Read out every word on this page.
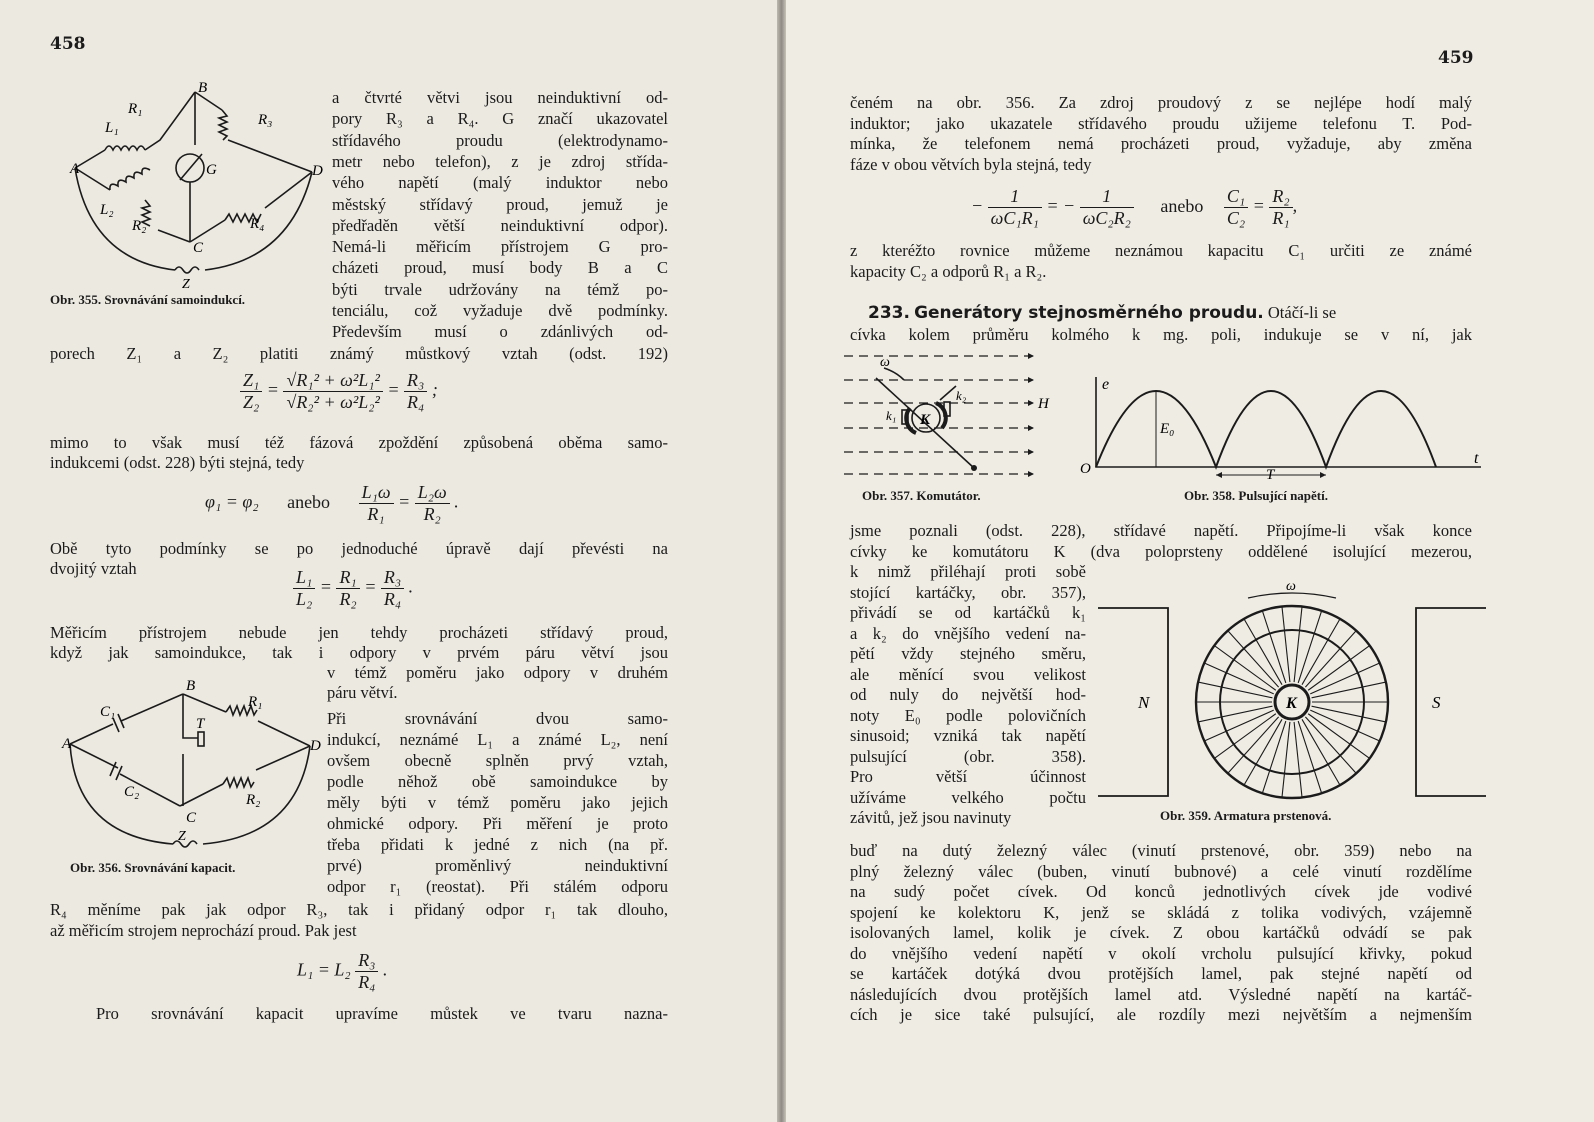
458
A
B
C
D
Z
G
R₁
R₂
R₃
R₄
L₁
L₂
Obr. 355. Srovnávání samoindukcí.
a čtvrté větvi jsou neinduktivní od-
pory R₃ a R₄. G značí ukazovatel
střídavého proudu (elektrodynamo-
metr nebo telefon), z je zdroj střída-
vého napětí (malý induktor nebo
městský střídavý proud, jemuž je
předřaděn větší neinduktivní odpor).
Nemá-li měřicím přístrojem G pro-
cházeti proud, musí body B a C
býti trvale udržovány na témž po-
tenciálu, což vyžaduje dvě podmínky.
Především musí o zdánlivých od-
porech Z₁ a Z₂ platiti známý můstkový vztah (odst. 192)
$\frac{\text{Z₁}}{\text{Z₂}} = \frac{\text{√R₁² + ω²L₁²}}{\text{√R₂² + ω²L₂²}} = \frac{\text{R₃}}{\text{R₄}}$ ;
mimo to však musí též fázová zpoždění způsobená oběma samo-
indukcemi (odst. 228) býti stejná, tedy
φ₁ = φ₂ anebo $\frac{\text{L₁ω}}{\text{R₁}} = \frac{\text{L₂ω}}{\text{R₂}}$ .
Obě tyto podmínky se po jednoduché úpravě dají převésti na
dvojitý vztah	$\frac{\text{L₁}}{\text{L₂}} = \frac{\text{R₁}}{\text{R₂}} = \frac{\text{R₃}}{\text{R₄}}$ .
Měřicím přístrojem nebude jen tehdy procházeti střídavý proud,
když jak samoindukce, tak i odpory v prvém páru větví jsou
v témž poměru jako odpory v druhém
páru větví.
A
B
C
D
Z
T
R₁
R₂
C₁
C₂
Obr. 356. Srovnávání kapacit.
Při srovnávání dvou samo-
indukcí, neznámé L₁ a známé L₂, není
ovšem obecně splněn prvý vztah,
podle něhož obě samoindukce by
měly býti v témž poměru jako jejich
ohmické odpory. Při měření je proto
třeba přidati k jedné z nich (na př.
prvé) proměnlivý neinduktivní
odpor r₁ (reostat). Při stálém odporu
R₄ měníme pak jak odpor R₃, tak i přidaný odpor r₁ tak dlouho,
až měřicím strojem neprochází proud. Pak jest
$L_1 = L_2 \frac{\text{R₃}}{\text{R₄}}$ .
Pro srovnávání kapacit upravíme můstek ve tvaru nazna-
459
čeném na obr. 356. Za zdroj proudový z se nejlépe hodí malý
induktor; jako ukazatele střídavého proudu užijeme telefonu T. Pod-
mínka, že telefonem nemá procházeti proud, vyžaduje, aby změna
fáze v obou větvích byla stejná, tedy
− $\frac{1}{\text{ωC₁R₁}}$ = − $\frac{1}{\text{ωC₂R₂}}$ anebo $\frac{\text{C₁}}{\text{C₂}} = \frac{\text{R₂}}{\text{R₁}}$ ,
z kteréžto rovnice můžeme neznámou kapacitu C₁ určiti ze známé
kapacity C₂ a odporů R₁ a R₂.
233. Generátory stejnosměrného proudu. Otáčí-li se
cívka kolem průměru kolmého k mg. poli, indukuje se v ní, jak
ω
K
k₁
k₂
H
Obr. 357. Komutátor.
e
E₀
O	T
t
Obr. 358. Pulsující napětí.
jsme poznali (odst. 228), střídavé napětí. Připojíme-li však konce
cívky ke komutátoru K (dva poloprsteny oddělené isolující mezerou,
k nimž přiléhají proti sobě
stojící kartáčky, obr. 357),
přivádí se od kartáčků k₁
a k₂ do vnějšího vedení na-
pětí vždy stejného směru,
ale měnící svou velikost
od nuly do největší hod-
noty E₀ podle polovičních
sinusoid; vzniká tak napětí
pulsující (obr. 358).
Pro větší účinnost
užíváme velkého počtu
závitů, jež jsou navinuty
N	S
K
ω
Obr. 359. Armatura prstenová.
buď na dutý železný válec (vinutí prstenové, obr. 359) nebo na
plný železný válec (buben, vinutí bubnové) a celé vinutí rozdělíme
na sudý počet cívek. Od konců jednotlivých cívek jde vodivé
spojení ke kolektoru K, jenž se skládá z tolika vodivých, vzájemně
isolovaných lamel, kolik je cívek. Z obou kartáčků odvádí se pak
do vnějšího vedení napětí v okolí vrcholu pulsující křivky, pokud
se kartáček dotýká dvou protějších lamel, pak stejné napětí od
následujících dvou protějších lamel atd. Výsledné napětí na kartáč-
cích je sice také pulsující, ale rozdíly mezi největším a nejmenším
